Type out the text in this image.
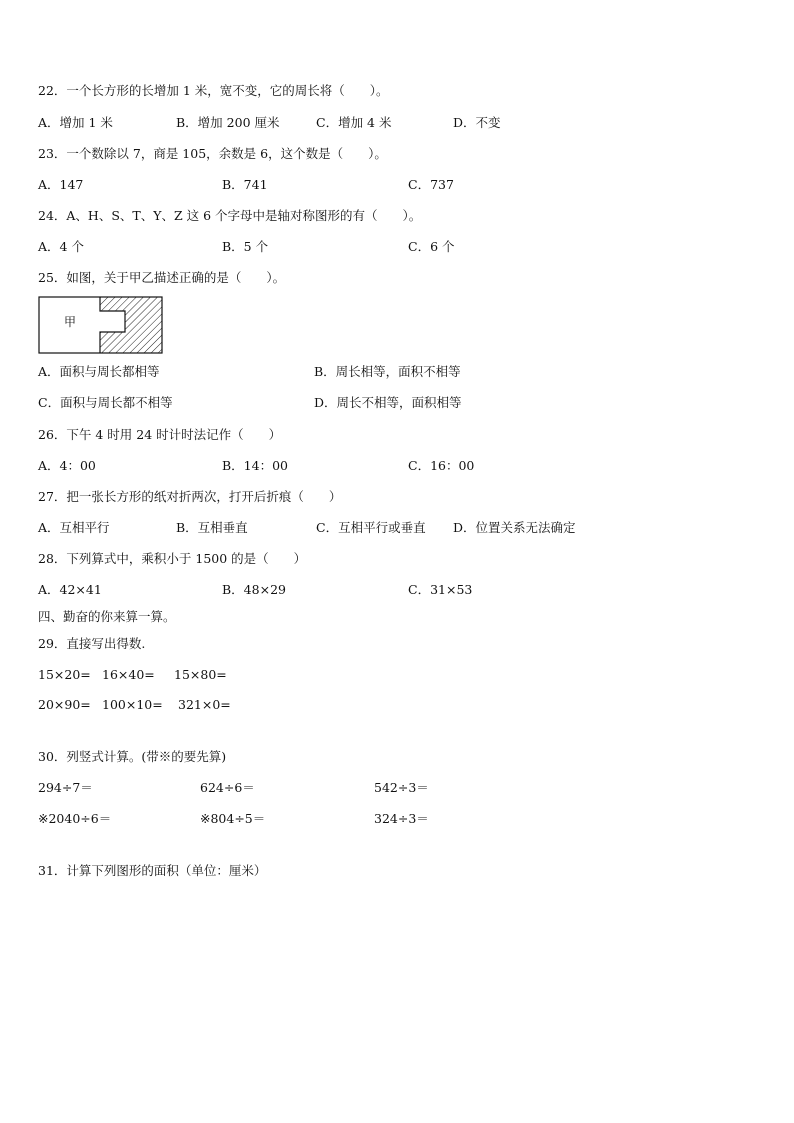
22．一个长方形的长增加 1 米，宽不变，它的周长将（　　）。
A．增加 1 米	B．增加 200 厘米	C．增加 4 米	D．不变
23．一个数除以 7，商是 105，余数是 6，这个数是（　　）。
A．147	B．741	C．737
24．A、H、S、T、Y、Z 这 6 个字母中是轴对称图形的有（　　）。
A．4 个	B．5 个	C．6 个
25．如图，关于甲乙描述正确的是（　　）。
甲
A．面积与周长都相等	B．周长相等，面积不相等
C．面积与周长都不相等	D．周长不相等，面积相等
26．下午 4 时用 24 时计时法记作（　　）
A．4：00	B．14：00	C．16：00
27．把一张长方形的纸对折两次，打开后折痕（　　）
A．互相平行	B．互相垂直	C．互相平行或垂直 D．位置关系无法确定
28．下列算式中，乘积小于 1500 的是（　　）
A．42×41	B．48×29	C．31×53
四、勤奋的你来算一算。
29．直接写出得数.
15×20= 16×40= 15×80=
20×90= 100×10= 321×0=
30．列竖式计算。(带※的要先算)
294÷7＝	624÷6＝	542÷3＝
※2040÷6＝	※804÷5＝	324÷3＝
31．计算下列图形的面积（单位：厘米）
